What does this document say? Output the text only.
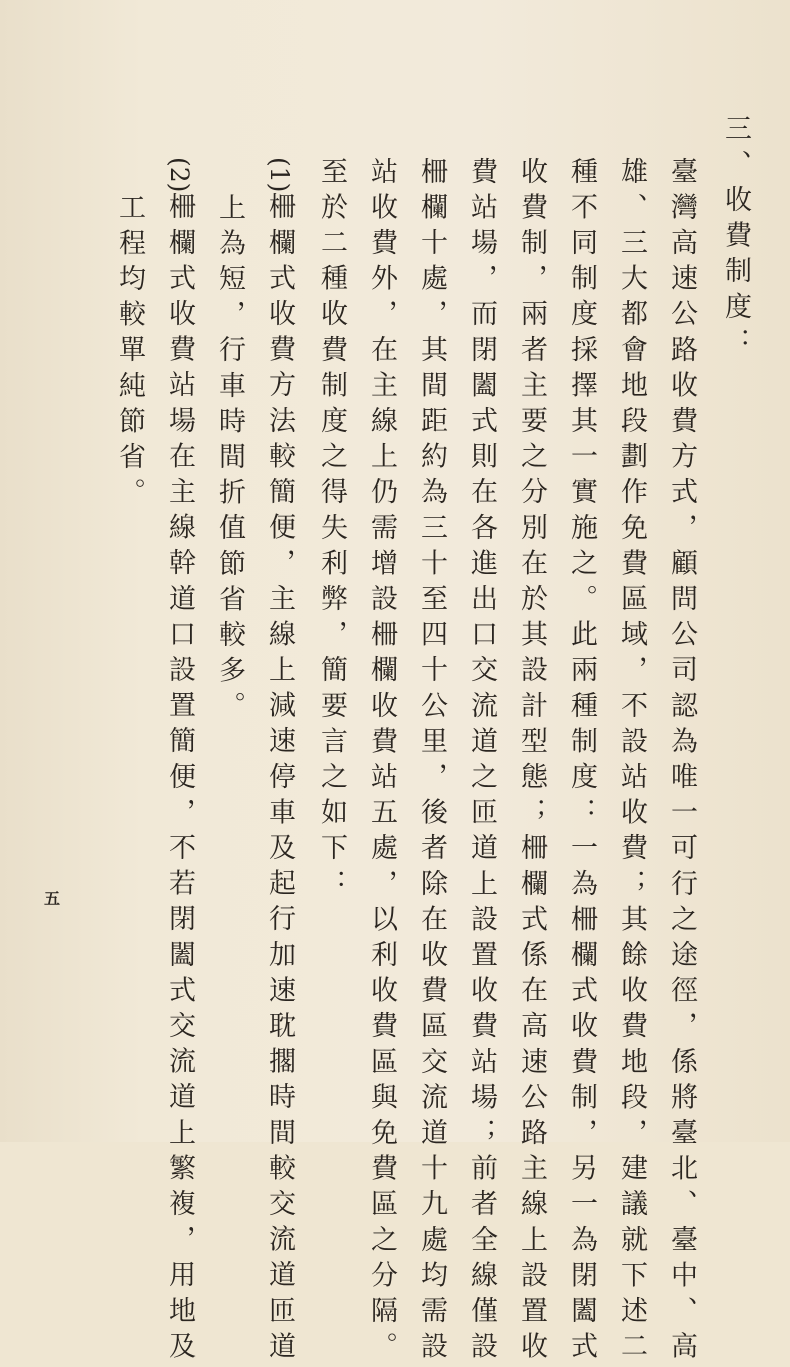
三、收費制度：
臺灣高速公路收費方式，顧問公司認為唯一可行之途徑，係將臺北、臺中、高
雄、三大都會地段劃作免費區域，不設站收費；其餘收費地段，建議就下述二
種不同制度採擇其一實施之。此兩種制度：一為柵欄式收費制，另一為閉闔式
收費制，兩者主要之分別在於其設計型態；柵欄式係在高速公路主線上設置收
費站場，而閉闔式則在各進出口交流道之匝道上設置收費站場；前者全線僅設
柵欄十處，其間距約為三十至四十公里，後者除在收費區交流道十九處均需設
站收費外，在主線上仍需增設柵欄收費站五處，以利收費區與免費區之分隔。
至於二種收費制度之得失利弊，簡要言之如下：
(1)柵欄式收費方法較簡便，主線上減速停車及起行加速耽擱時間較交流道匝道
上為短，行車時間折值節省較多。
(2)柵欄式收費站場在主線幹道口設置簡便，不若閉闔式交流道上繁複，用地及
工程均較單純節省。
五
